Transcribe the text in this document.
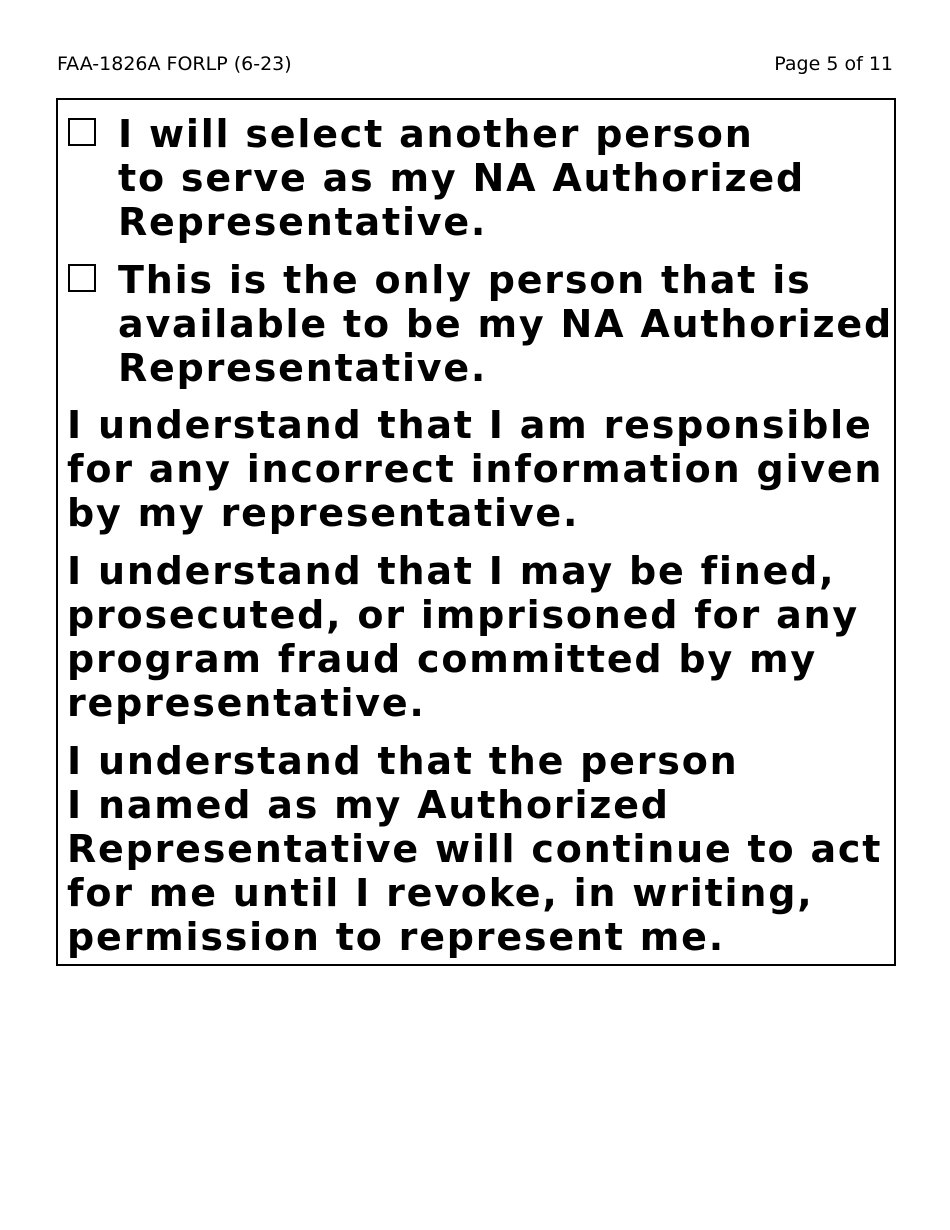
FAA-1826A FORLP (6-23)	Page 5 of 11
I will select another person
to serve as my NA Authorized
Representative.
This is the only person that is
available to be my NA Authorized
Representative.
I understand that I am responsible
for any incorrect information given
by my representative.
I understand that I may be fined,
prosecuted, or imprisoned for any
program fraud committed by my
representative.
I understand that the person
I named as my Authorized
Representative will continue to act
for me until I revoke, in writing,
permission to represent me.
